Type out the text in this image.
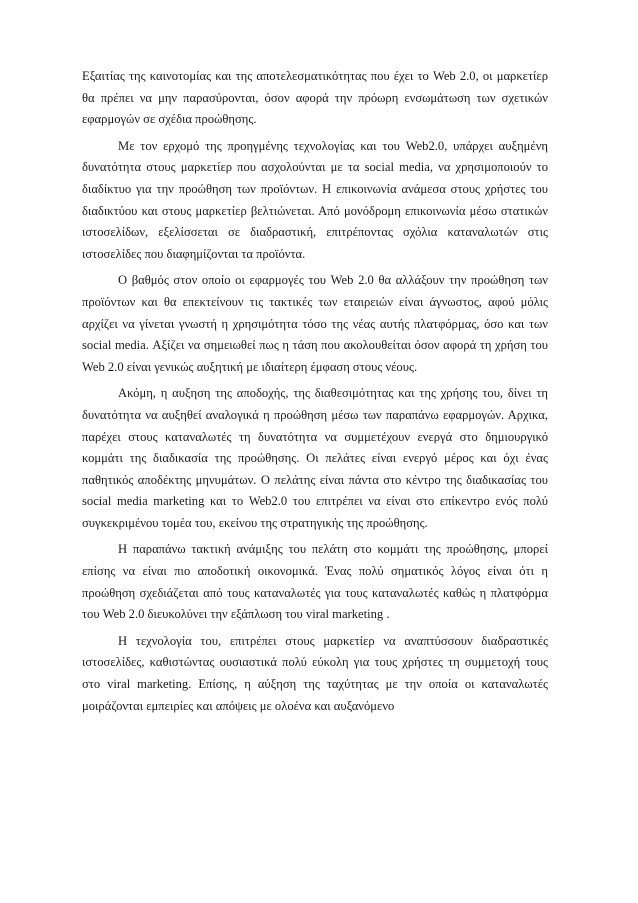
Εξαιτίας της καινοτομίας και της αποτελεσματικότητας που έχει το Web 2.0, οι μαρκετίερ θα πρέπει να μην παρασύρονται, όσον αφορά την πρόωρη ενσωμάτωση των σχετικών εφαρμογών σε σχέδια προώθησης.

Με τον ερχομό της προηγμένης τεχνολογίας και του Web2.0, υπάρχει αυξημένη δυνατότητα στους μαρκετίερ που ασχολούνται με τα social media, να χρησιμοποιούν το διαδίκτυο για την προώθηση των προϊόντων. Η επικοινωνία ανάμεσα στους χρήστες του διαδικτύου και στους μαρκετίερ βελτιώνεται. Από μονόδρομη επικοινωνία μέσω στατικών ιστοσελίδων, εξελίσσεται σε διαδραστική, επιτρέποντας σχόλια καταναλωτών στις ιστοσελίδες που διαφημίζονται τα προϊόντα.

Ο βαθμός στον οποίο οι εφαρμογές του Web 2.0 θα αλλάξουν την προώθηση των προϊόντων και θα επεκτείνουν τις τακτικές των εταιρειών είναι άγνωστος, αφού μόλις αρχίζει να γίνεται γνωστή η χρησιμότητα τόσο της νέας αυτής πλατφόρμας, όσο και των social media. Αξίζει να σημειωθεί πως η τάση που ακολουθείται όσον αφορά τη χρήση του Web 2.0 είναι γενικώς αυξητική με ιδιαίτερη έμφαση στους νέους.

Ακόμη, η αυξηση της αποδοχής, της διαθεσιμότητας και της χρήσης του, δίνει τη δυνατότητα να αυξηθεί αναλογικά η προώθηση μέσω των παραπάνω εφαρμογών. Αρχικα, παρέχει στους καταναλωτές τη δυνατότητα να συμμετέχουν ενεργά στο δημιουργικό κομμάτι της διαδικασία της προώθησης. Οι πελάτες είναι ενεργό μέρος και όχι ένας παθητικός αποδέκτης μηνυμάτων. Ο πελάτης είναι πάντα στο κέντρο της διαδικασίας του social media marketing και το Web2.0 του επιτρέπει να είναι στο επίκεντρο ενός πολύ συγκεκριμένου τομέα του, εκείνου της στρατηγικής της προώθησης.

Η παραπάνω τακτική ανάμιξης του πελάτη στο κομμάτι της προώθησης, μπορεί επίσης να είναι πιο αποδοτική οικονομικά. Ένας πολύ σηματικός λόγος είναι ότι η προώθηση σχεδιάζεται από τους καταναλωτές για τους καταναλωτές καθώς η πλατφόρμα του Web 2.0 διευκολύνει την εξάπλωση του viral marketing .

Η τεχνολογία του, επιτρέπει στους μαρκετίερ να αναπτύσσουν διαδραστικές ιστοσελίδες, καθιστώντας ουσιαστικά πολύ εύκολη για τους χρήστες τη συμμετοχή τους στο viral marketing. Επίσης, η αύξηση της ταχύτητας με την οποία οι καταναλωτές μοιράζονται εμπειρίες και απόψεις με ολοένα και αυξανόμενο
